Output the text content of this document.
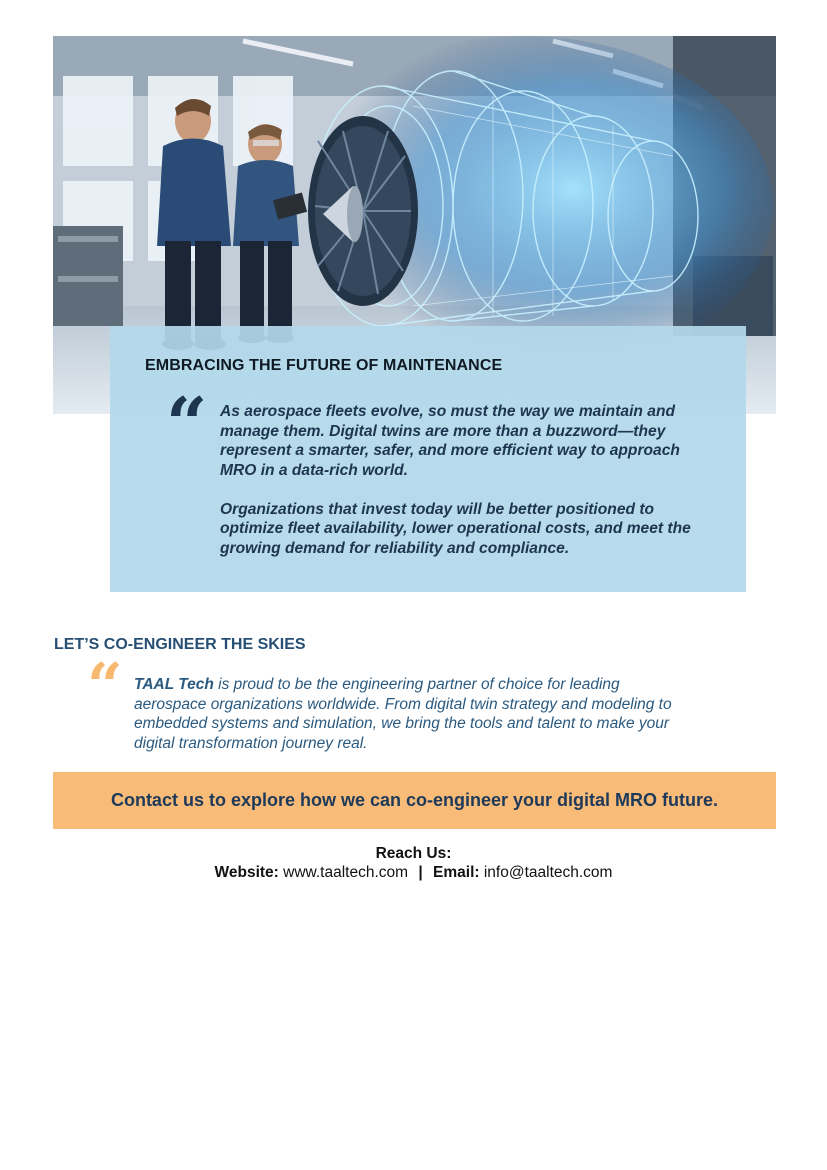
EMBRACING THE FUTURE OF MAINTENANCE
“ As aerospace fleets evolve, so must the way we maintain and manage them. Digital twins are more than a buzzword—they represent a smarter, safer, and more efficient way to approach MRO in a data-rich world.

Organizations that invest today will be better positioned to optimize fleet availability, lower operational costs, and meet the growing demand for reliability and compliance.

LET’S CO-ENGINEER THE SKIES
“ TAAL Tech is proud to be the engineering partner of choice for leading aerospace organizations worldwide. From digital twin strategy and modeling to embedded systems and simulation, we bring the tools and talent to make your digital transformation journey real.

Contact us to explore how we can co-engineer your digital MRO future.
Reach Us:
Website: www.taaltech.com | Email: info@taaltech.com
